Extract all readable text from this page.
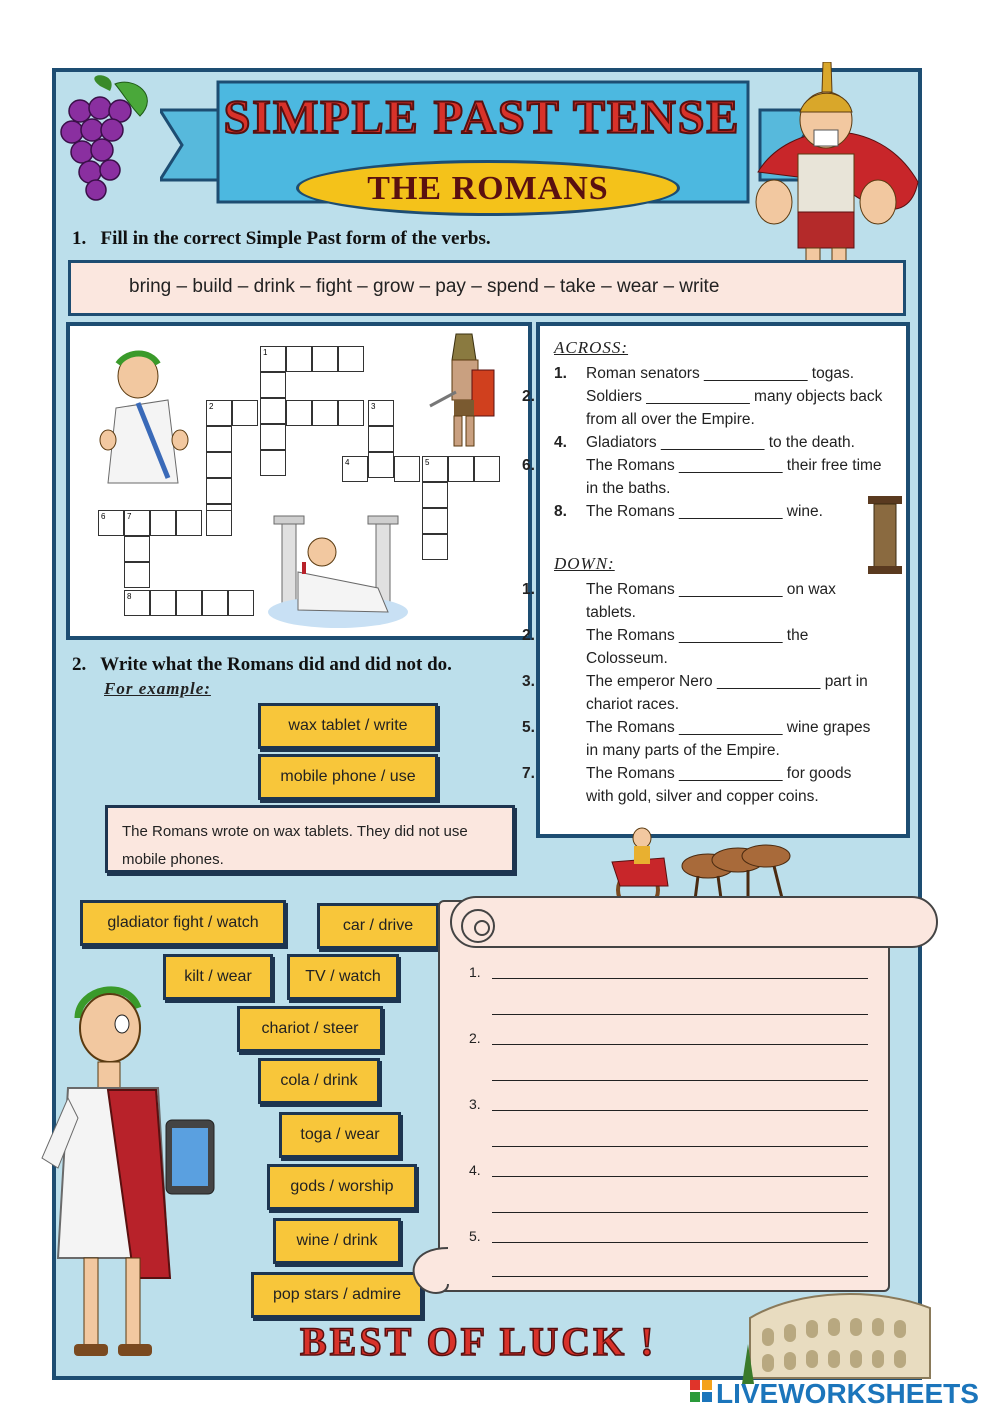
SIMPLE PAST TENSE
THE ROMANS
1. Fill in the correct Simple Past form of the verbs.
bring – build – drink – fight – grow – pay – spend – take – wear – write
1
2	3
4	5
6	7
8
ACROSS:
1. Roman senators ____________ togas.
2.	Soldiers ____________ many objects back from all over the Empire.
4. Gladiators ____________ to the death.
6.	The Romans ____________ their free time in the baths.
8. The Romans ____________ wine.
DOWN:
1.	The Romans ____________ on wax tablets.
2.	The Romans ____________ the Colosseum.
3.	The emperor Nero ____________ part in chariot races.
5.	The Romans ____________ wine grapes in many parts of the Empire.
7.	The Romans ____________ for goods with gold, silver and copper coins.
2. Write what the Romans did and did not do.
For example:
wax tablet / write
mobile phone / use
The Romans wrote on wax tablets. They did not use mobile phones.
gladiator fight / watch	car / drive
kilt / wear	TV / watch
chariot / steer
cola / drink
toga / wear
gods / worship
wine / drink
pop stars / admire
1.
2.
3.
4.
5.
BEST OF LUCK !
LIVEWORKSHEETS
